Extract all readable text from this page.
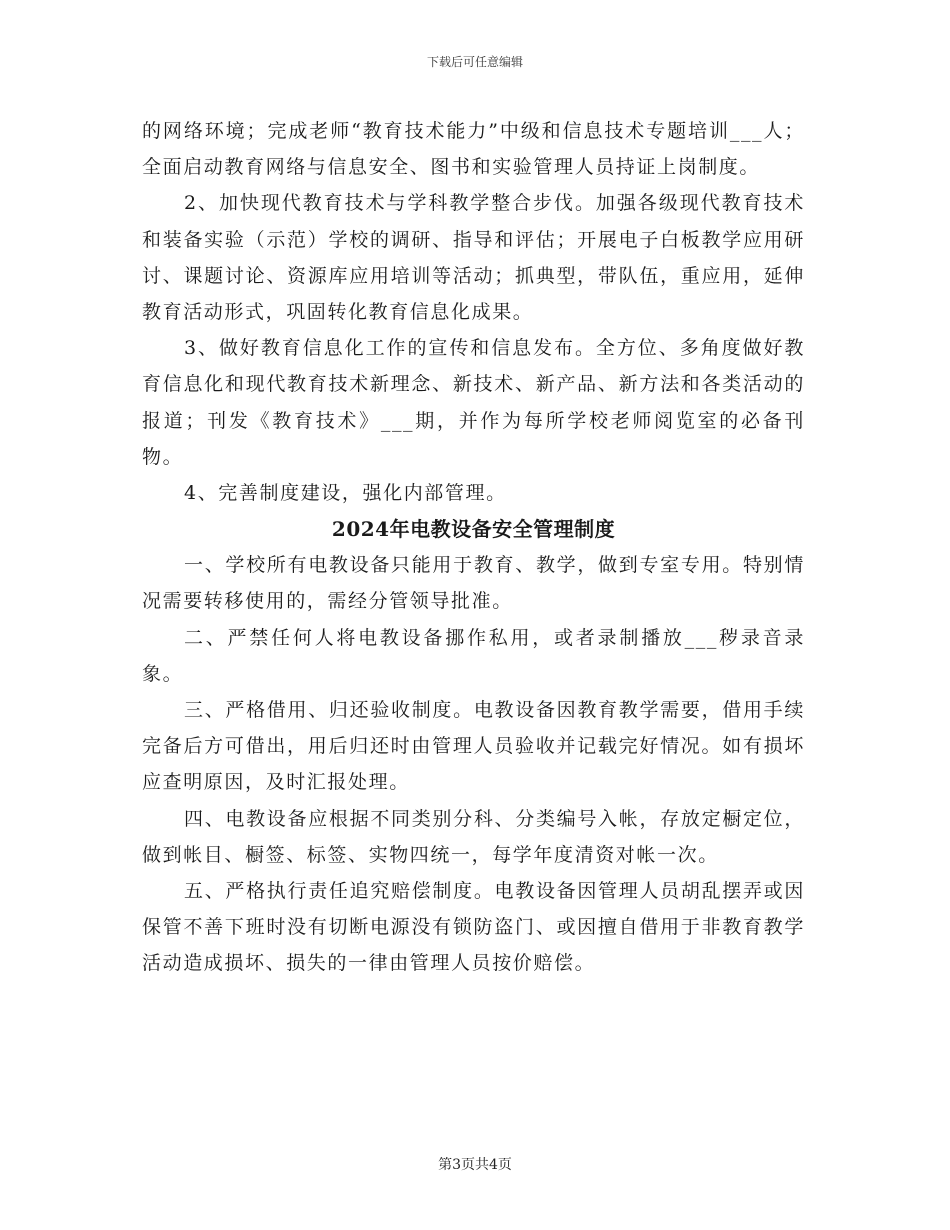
下载后可任意编辑

的网络环境；完成老师“教育技术能力”中级和信息技术专题培训___人；全面启动教育网络与信息安全、图书和实验管理人员持证上岗制度。

2、加快现代教育技术与学科教学整合步伐。加强各级现代教育技术和装备实验（示范）学校的调研、指导和评估；开展电子白板教学应用研讨、课题讨论、资源库应用培训等活动；抓典型，带队伍，重应用，延伸教育活动形式，巩固转化教育信息化成果。

3、做好教育信息化工作的宣传和信息发布。全方位、多角度做好教育信息化和现代教育技术新理念、新技术、新产品、新方法和各类活动的报道；刊发《教育技术》___期，并作为每所学校老师阅览室的必备刊物。

4、完善制度建设，强化内部管理。

2024年电教设备安全管理制度

一、学校所有电教设备只能用于教育、教学，做到专室专用。特别情况需要转移使用的，需经分管领导批准。

二、严禁任何人将电教设备挪作私用，或者录制播放___秽录音录象。

三、严格借用、归还验收制度。电教设备因教育教学需要，借用手续完备后方可借出，用后归还时由管理人员验收并记载完好情况。如有损坏应查明原因，及时汇报处理。

四、电教设备应根据不同类别分科、分类编号入帐，存放定橱定位，做到帐目、橱签、标签、实物四统一，每学年度清资对帐一次。

五、严格执行责任追究赔偿制度。电教设备因管理人员胡乱摆弄或因保管不善下班时没有切断电源没有锁防盗门、或因擅自借用于非教育教学活动造成损坏、损失的一律由管理人员按价赔偿。

第3页共4页
